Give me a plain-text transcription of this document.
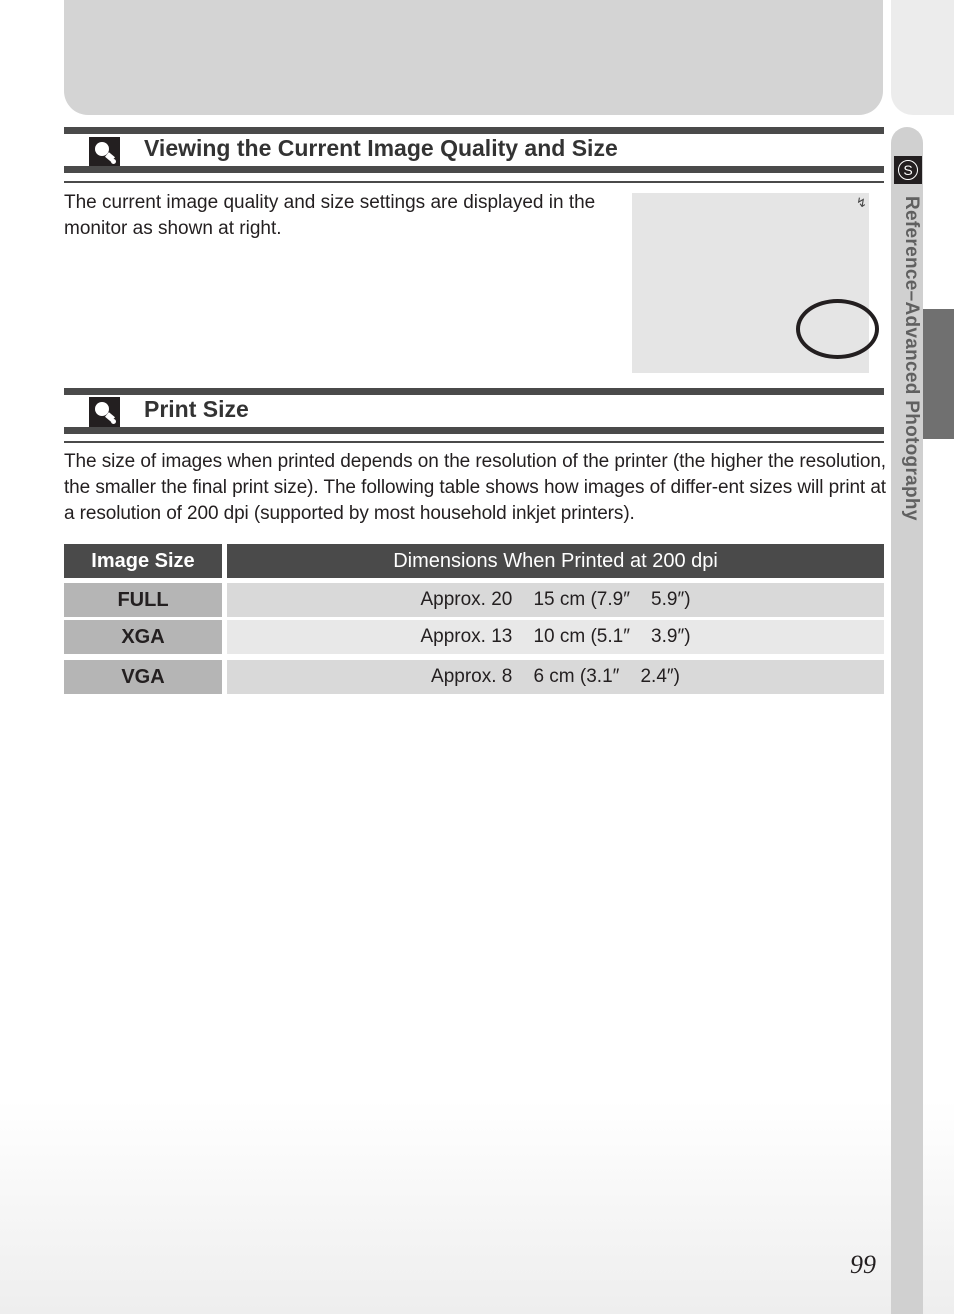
S
Reference–Advanced Photography
Viewing the Current Image Quality and Size
The current image quality and size settings are displayed in the monitor as shown at right.
↯
Print Size
The size of images when printed depends on the resolution of the printer (the higher the resolution, the smaller the final print size). The following table shows how images of differ-ent sizes will print at a resolution of 200 dpi (supported by most household inkjet printers).
Image Size	Dimensions When Printed at 200 dpi
FULL	Approx. 20    15 cm (7.9″    5.9″)
XGA	Approx. 13    10 cm (5.1″    3.9″)
VGA	Approx. 8    6 cm (3.1″    2.4″)
99
